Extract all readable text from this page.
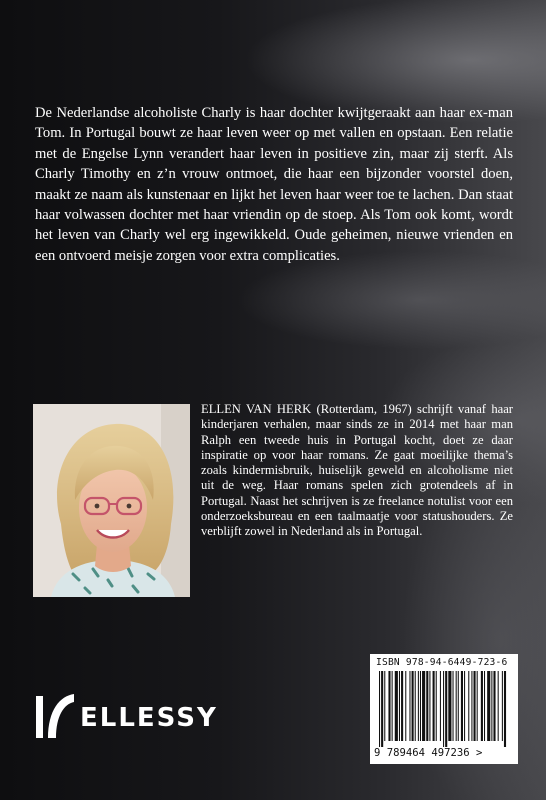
De Nederlandse alcoholiste Charly is haar dochter kwijtgeraakt aan haar ex-man Tom. In Portugal bouwt ze haar leven weer op met vallen en opstaan. Een relatie met de Engelse Lynn verandert haar leven in positieve zin, maar zij sterft. Als Charly Timothy en z’n vrouw ontmoet, die haar een bijzonder voorstel doen, maakt ze naam als kunstenaar en lijkt het leven haar weer toe te lachen. Dan staat haar volwassen dochter met haar vriendin op de stoep. Als Tom ook komt, wordt het leven van Charly wel erg ingewikkeld. Oude geheimen, nieuwe vrienden en een ontvoerd meisje zorgen voor extra complicaties.

ELLEN VAN HERK (Rotterdam, 1967) schrijft vanaf haar kinderjaren verhalen, maar sinds ze in 2014 met haar man Ralph een tweede huis in Portugal kocht, doet ze daar inspiratie op voor haar romans. Ze gaat moeilijke thema’s zoals kindermisbruik, huiselijk geweld en alcoholisme niet uit de weg. Haar romans spelen zich grotendeels af in Portugal. Naast het schrijven is ze freelance notulist voor een onderzoeksbureau en een taalmaatje voor statushouders. Ze verblijft zowel in Nederland als in Portugal.

ELLESSY
ISBN 978-94-6449-723-6
9 789464 497236 >
